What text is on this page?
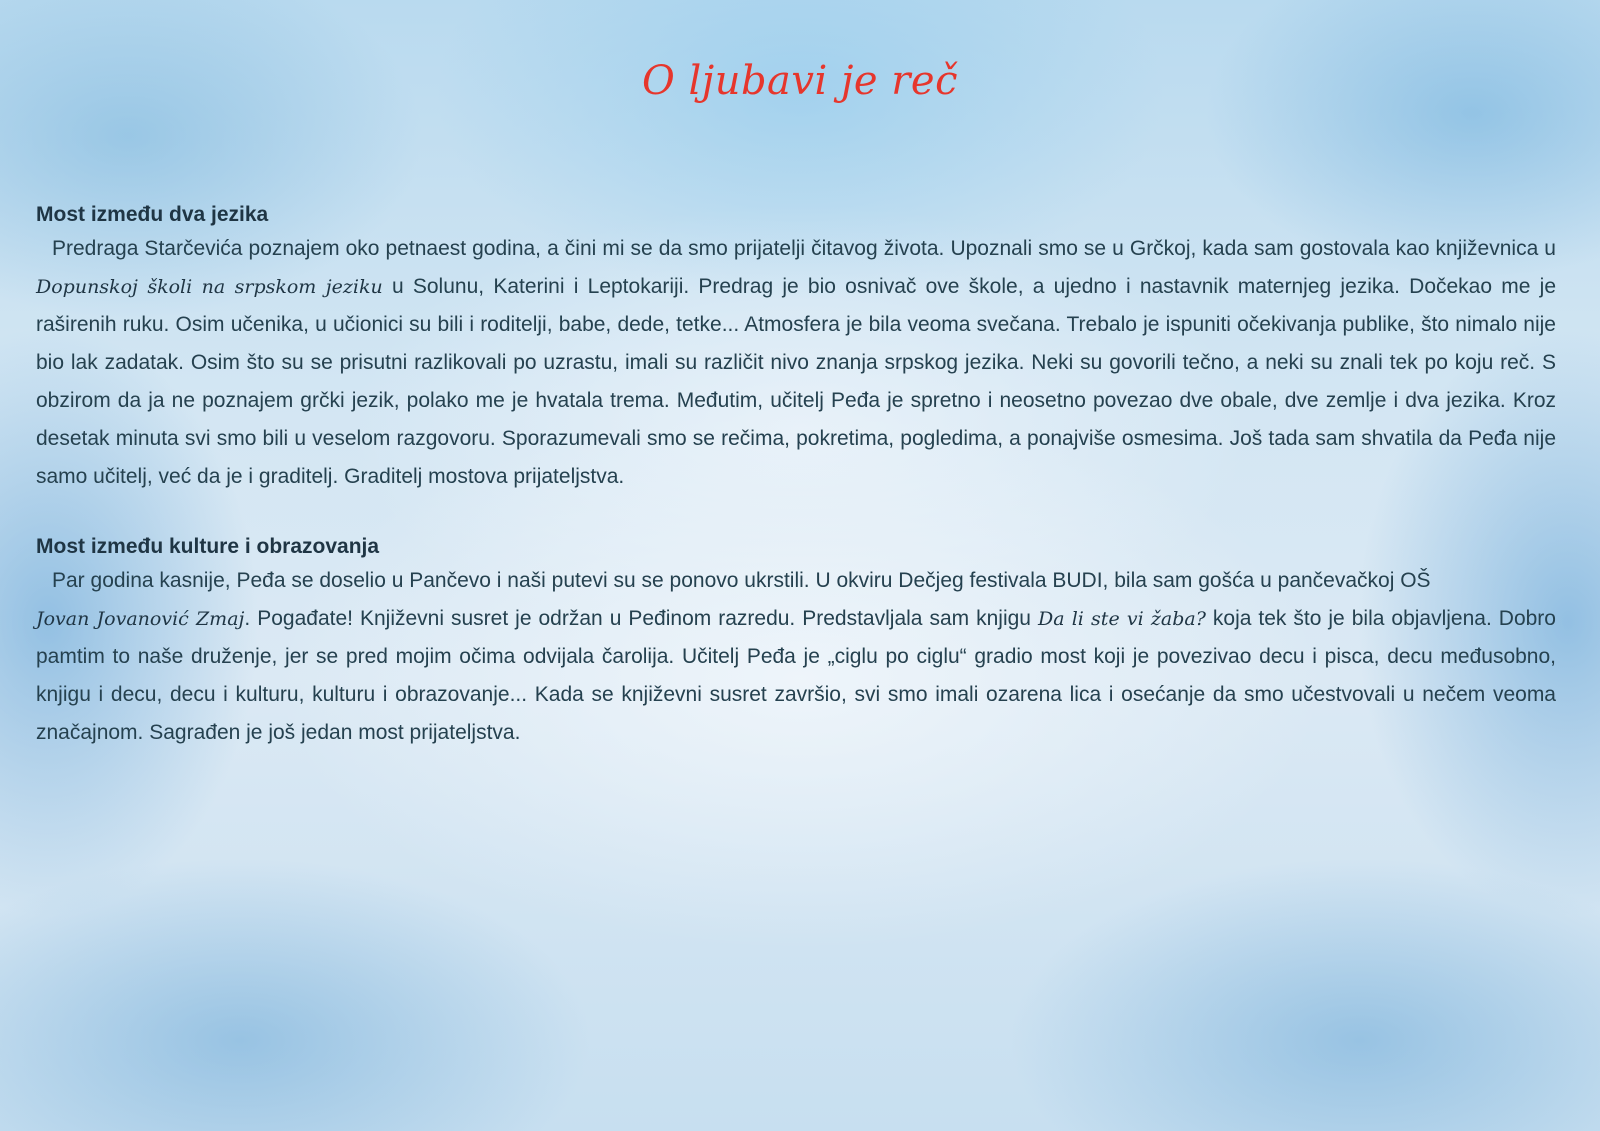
O ljubavi je reč
Most između dva jezika

Predraga Starčevića poznajem oko petnaest godina, a čini mi se da smo prijatelji čitavog života. Upoznali smo se u Grčkoj, kada sam gostovala kao književnica u Dopunskoj školi na srpskom jeziku u Solunu, Katerini i Leptokariji. Predrag je bio osnivač ove škole, a ujedno i nastavnik maternjeg jezika. Dočekao me je raširenih ruku. Osim učenika, u učionici su bili i roditelji, babe, dede, tetke... Atmosfera je bila veoma svečana. Trebalo je ispuniti očekivanja publike, što nimalo nije bio lak zadatak. Osim što su se prisutni razlikovali po uzrastu, imali su različit nivo znanja srpskog jezika. Neki su govorili tečno, a neki su znali tek po koju reč. S obzirom da ja ne poznajem grčki jezik, polako me je hvatala trema. Međutim, učitelj Peđa je spretno i neosetno povezao dve obale, dve zemlje i dva jezika. Kroz desetak minuta svi smo bili u veselom razgovoru. Sporazumevali smo se rečima, pokretima, pogledima, a ponajviše osmesima. Još tada sam shvatila da Peđa nije samo učitelj, već da je i graditelj. Graditelj mostova prijateljstva.

Most između kulture i obrazovanja

Par godina kasnije, Peđa se doselio u Pančevo i naši putevi su se ponovo ukrstili. U okviru Dečjeg festivala BUDI, bila sam gošća u pančevačkoj OŠ
Jovan Jovanović Zmaj. Pogađate! Književni susret je održan u Peđinom razredu. Predstavljala sam knjigu Da li ste vi žaba? koja tek što je bila objavljena. Dobro pamtim to naše druženje, jer se pred mojim očima odvijala čarolija. Učitelj Peđa je „ciglu po ciglu“ gradio most koji je povezivao decu i pisca, decu međusobno, knjigu i decu, decu i kulturu, kulturu i obrazovanje... Kada se književni susret završio, svi smo imali ozarena lica i osećanje da smo učestvovali u nečem veoma značajnom. Sagrađen je još jedan most prijateljstva.
